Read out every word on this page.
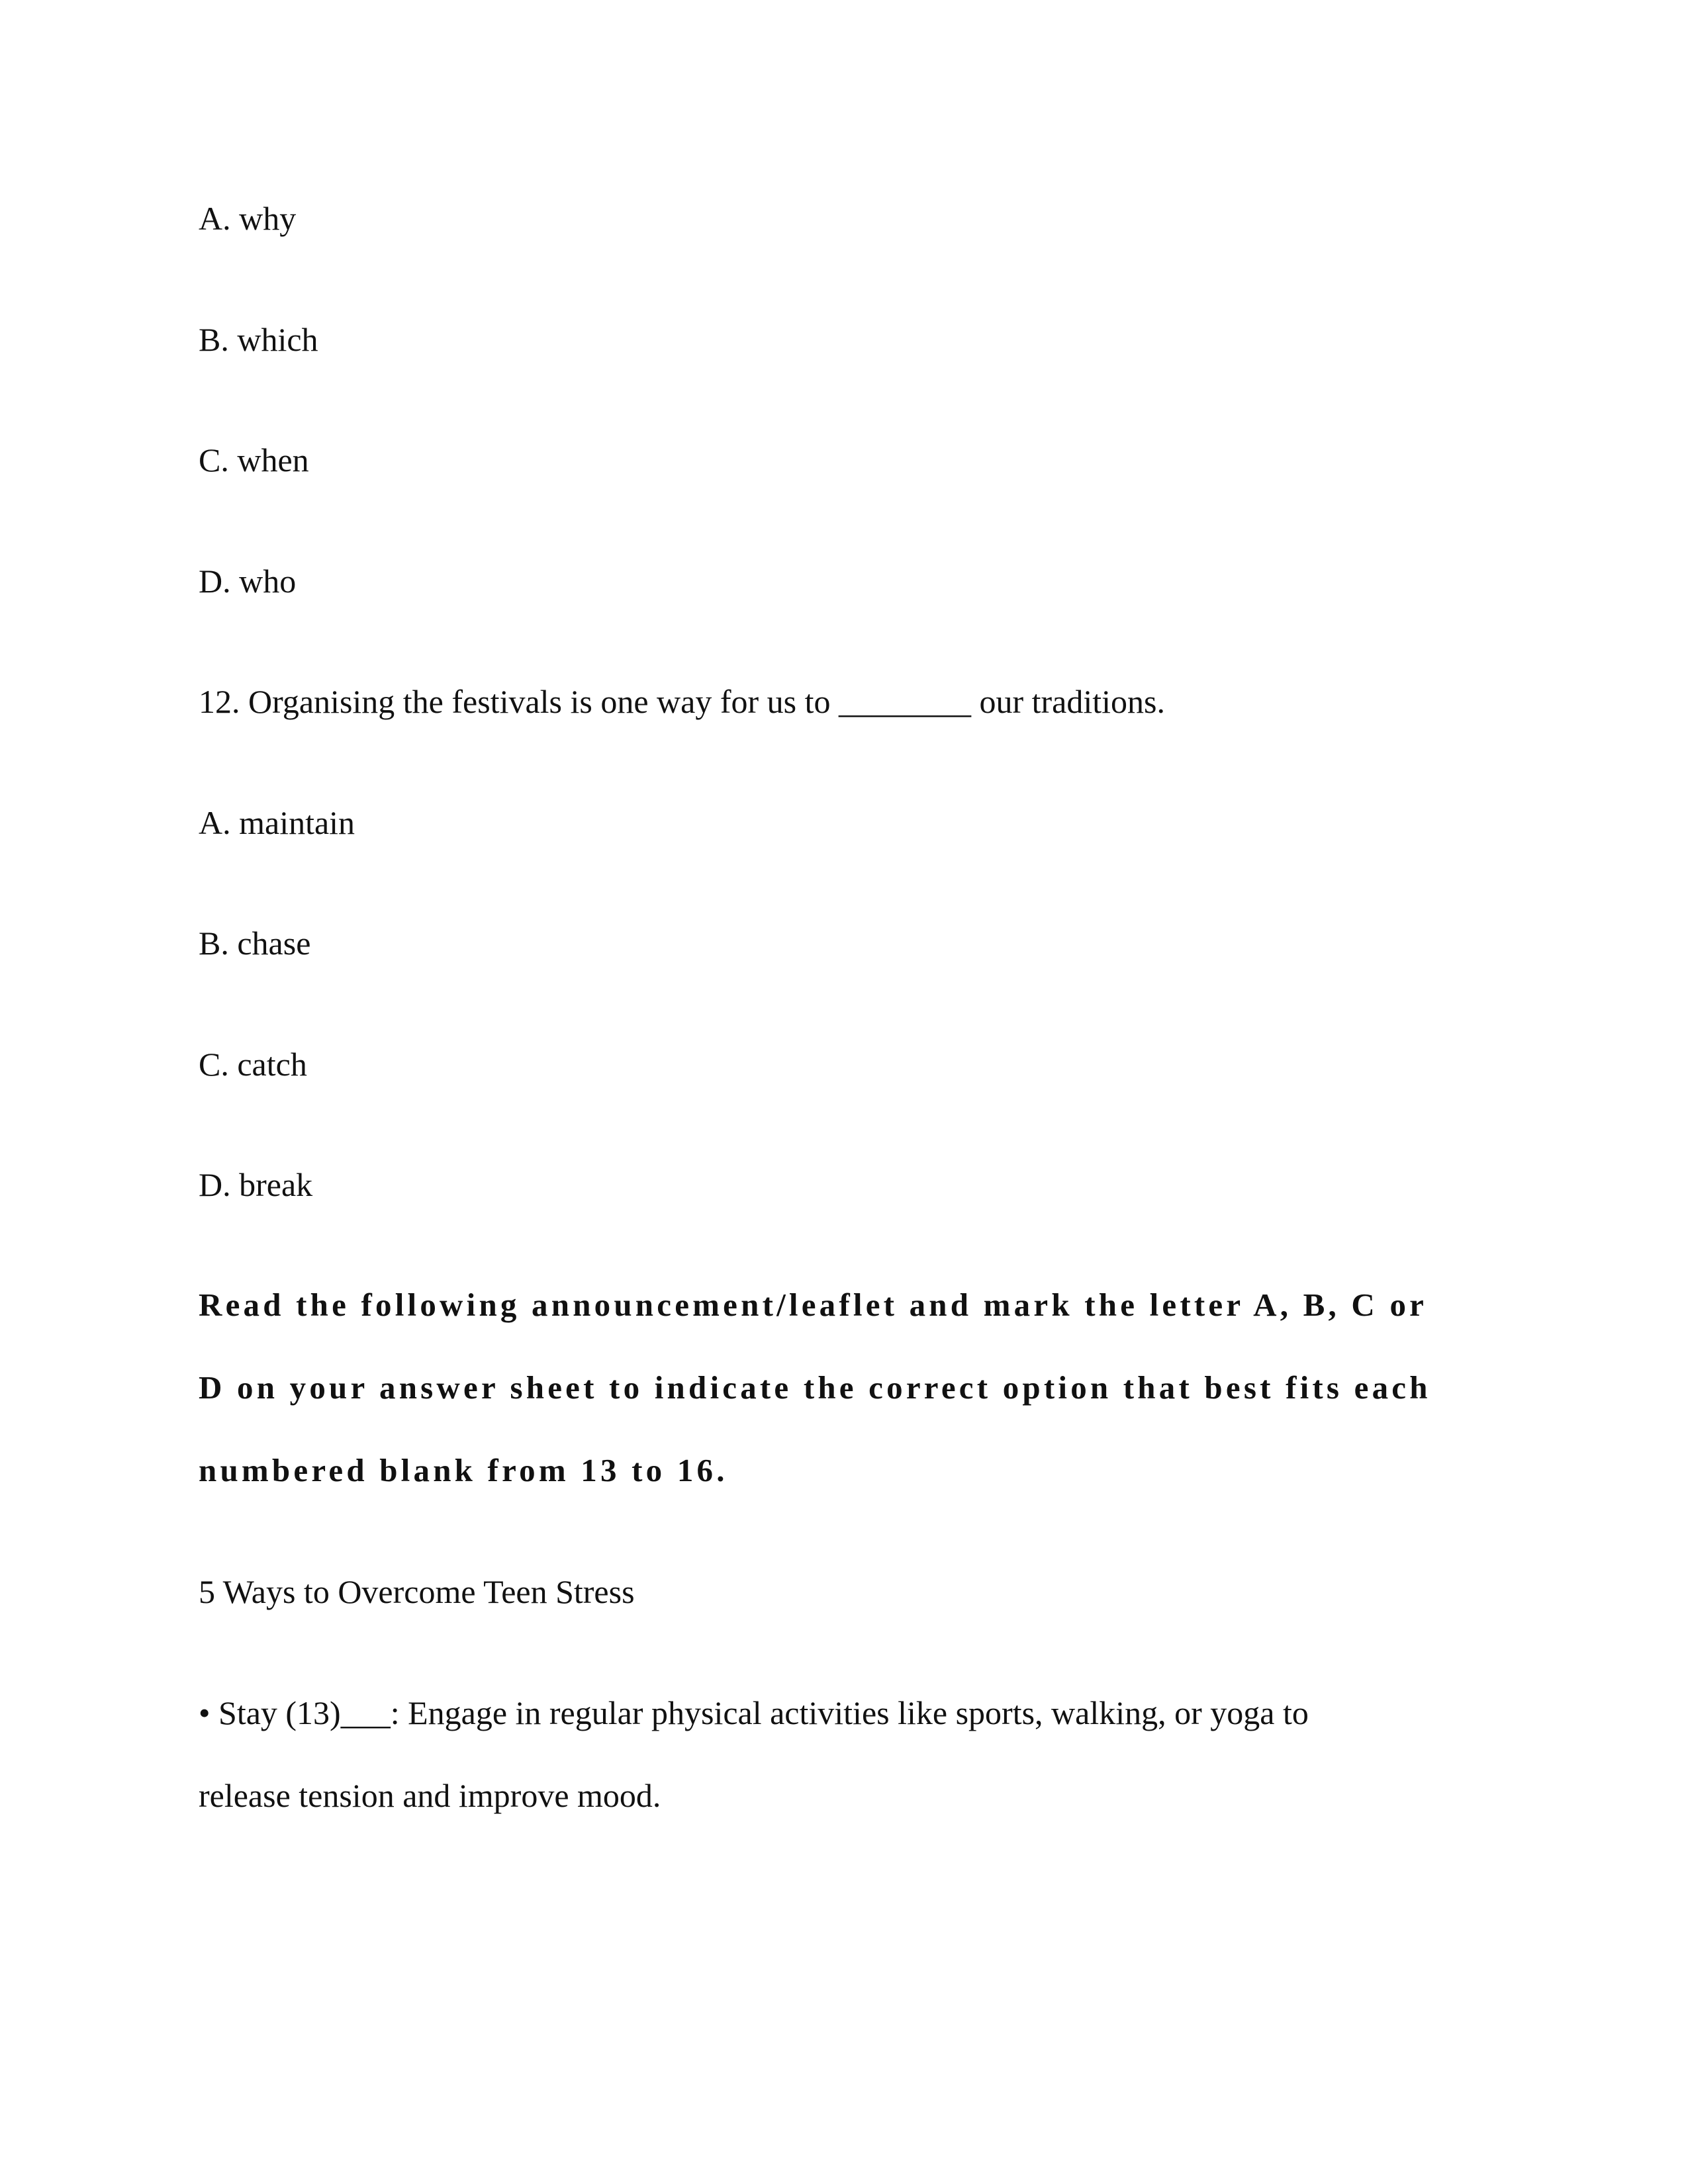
A. why
B. which
C. when
D. who
12. Organising the festivals is one way for us to ________ our traditions.
A. maintain
B. chase
C. catch
D. break
Read the following announcement/leaflet and mark the letter A, B, C or
D on your answer sheet to indicate the correct option that best fits each
numbered blank from 13 to 16.
5 Ways to Overcome Teen Stress
• Stay (13)___: Engage in regular physical activities like sports, walking, or yoga to
release tension and improve mood.
